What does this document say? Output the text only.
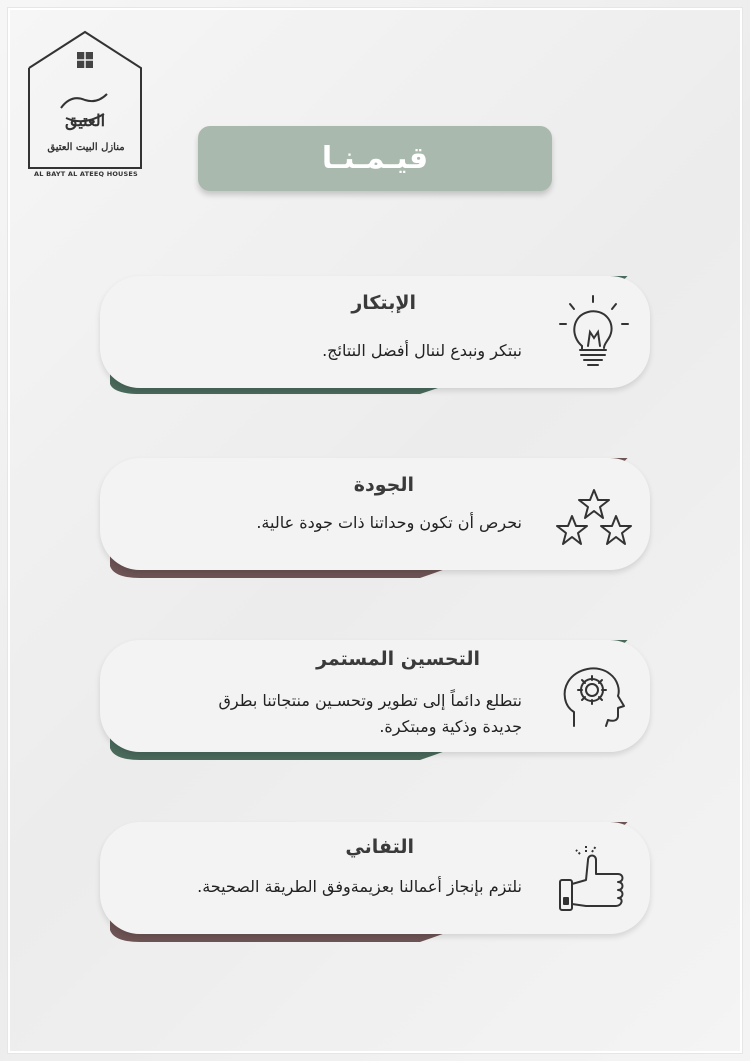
العتيق
منازل البيت العتيق
AL BAYT AL ATEEQ HOUSES	قيـمـنـا
الإبتكار
نبتكر ونبدع لننال أفضل النتائج.
الجودة
نحرص أن تكون وحداتنا ذات جودة عالية.
التحسين المستمر
نتطلع دائماً إلى تطوير وتحسـين منتجاتنا بطرق
جديدة وذكية ومبتكرة.
التفاني
نلتزم بإنجاز أعمالنا بعزيمةوفق الطريقة الصحيحة.
